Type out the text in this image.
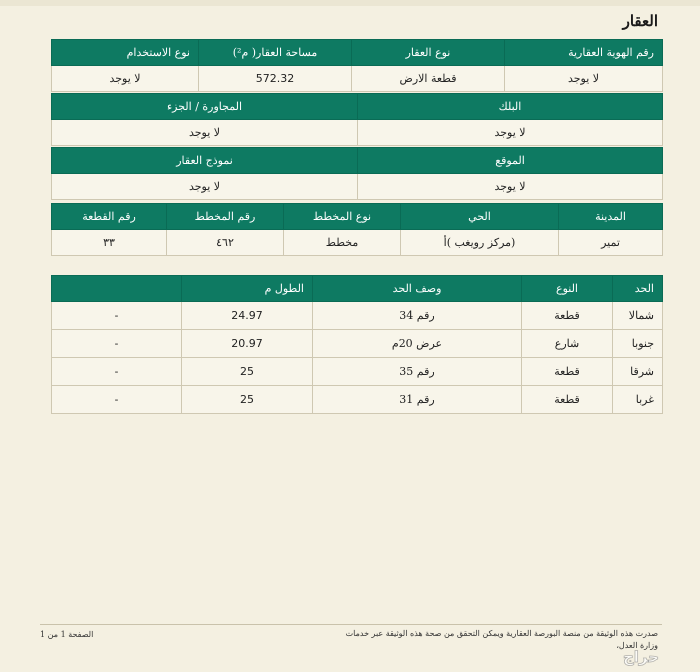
العقار
رقم الهوية العقارية	نوع العقار	مساحة العقار( م²)	نوع الاستخدام
لا يوجد	قطعة الارض	572.32	لا يوجد
البلك	المجاورة / الجزء
لا يوجد	لا يوجد
الموقع	نموذج العقار
لا يوجد	لا يوجد
المدينة	الحي	نوع المخطط	رقم المخطط	رقم القطعة
تمير	(مركز رويغب )أ	مخطط	٤٦٢	٣٣
الحد	النوع	وصف الحد	الطول م	
شمالا	قطعة	رقم 34	24.97	-
جنوبا	شارع	عرض 20م	20.97	-
شرقا	قطعة	رقم 35	25	-
غربا	قطعة	رقم 31	25	-
صدرت هذه الوثيقة من منصة البورصة العقارية ويمكن التحقق من صحة هذه الوثيقة عبر خدمات وزارة العدل،
الصفحة 1 من 1
حراج
